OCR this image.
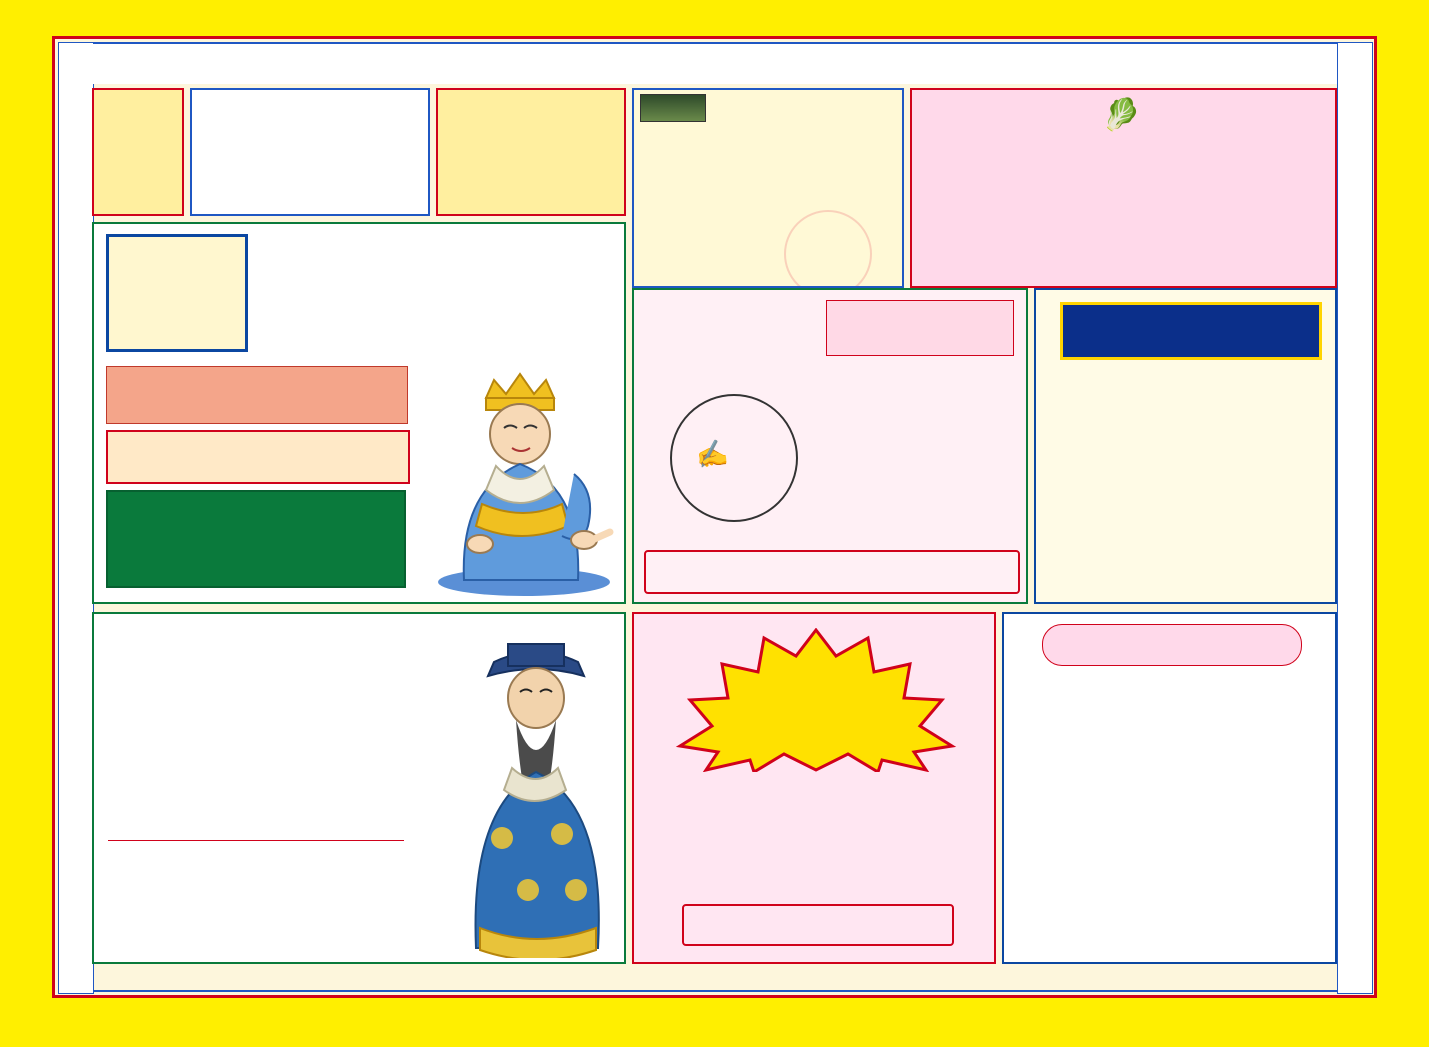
🥬
✍
